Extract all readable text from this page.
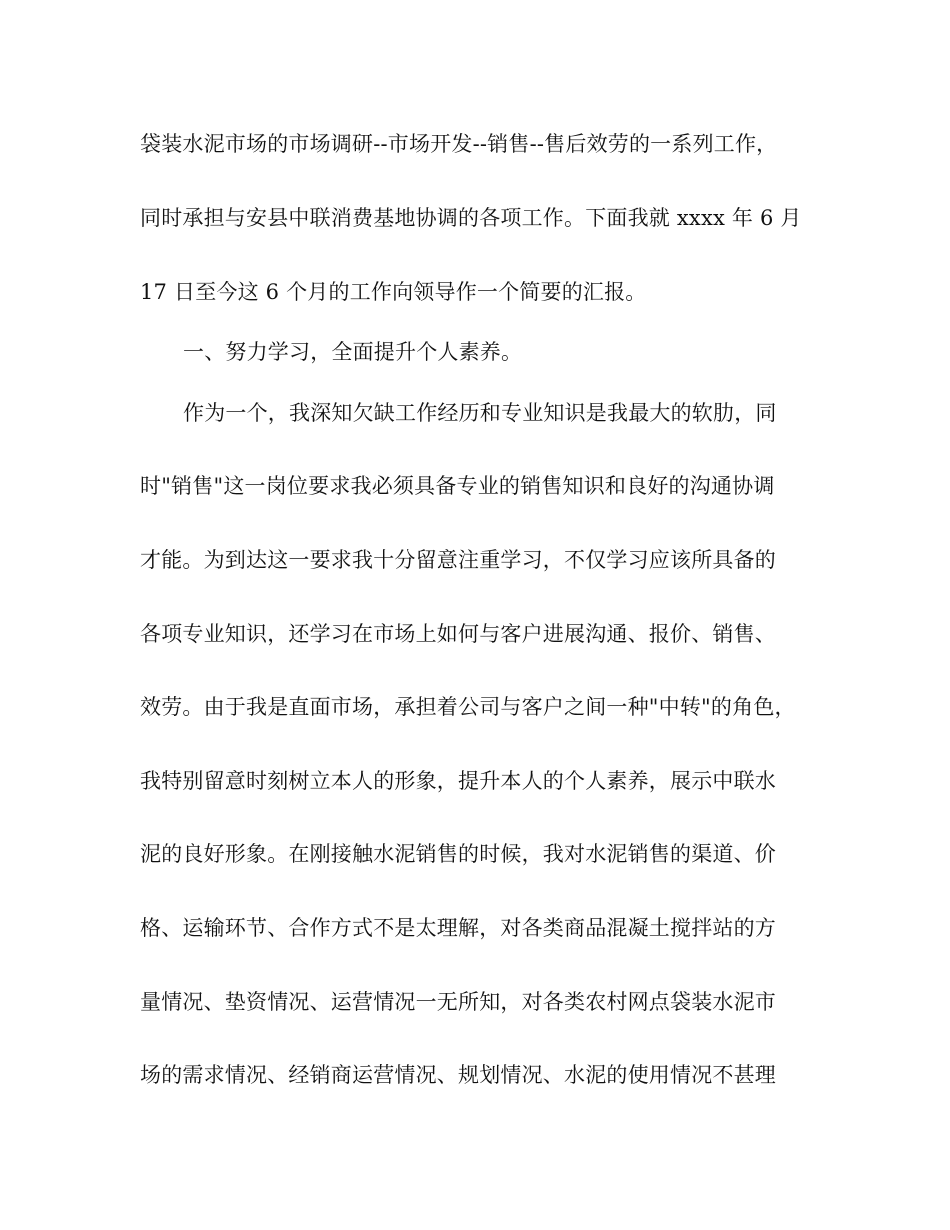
袋装水泥市场的市场调研--市场开发--销售--售后效劳的一系列工作，

同时承担与安县中联消费基地协调的各项工作。下面我就 xxxx 年 6 月

17 日至今这 6 个月的工作向领导作一个简要的汇报。

一、努力学习，全面提升个人素养。

作为一个，我深知欠缺工作经历和专业知识是我最大的软肋，同

时"销售"这一岗位要求我必须具备专业的销售知识和良好的沟通协调

才能。为到达这一要求我十分留意注重学习，不仅学习应该所具备的

各项专业知识，还学习在市场上如何与客户进展沟通、报价、销售、

效劳。由于我是直面市场，承担着公司与客户之间一种"中转"的角色，

我特别留意时刻树立本人的形象，提升本人的个人素养，展示中联水

泥的良好形象。在刚接触水泥销售的时候，我对水泥销售的渠道、价

格、运输环节、合作方式不是太理解，对各类商品混凝土搅拌站的方

量情况、垫资情况、运营情况一无所知，对各类农村网点袋装水泥市

场的需求情况、经销商运营情况、规划情况、水泥的使用情况不甚理
